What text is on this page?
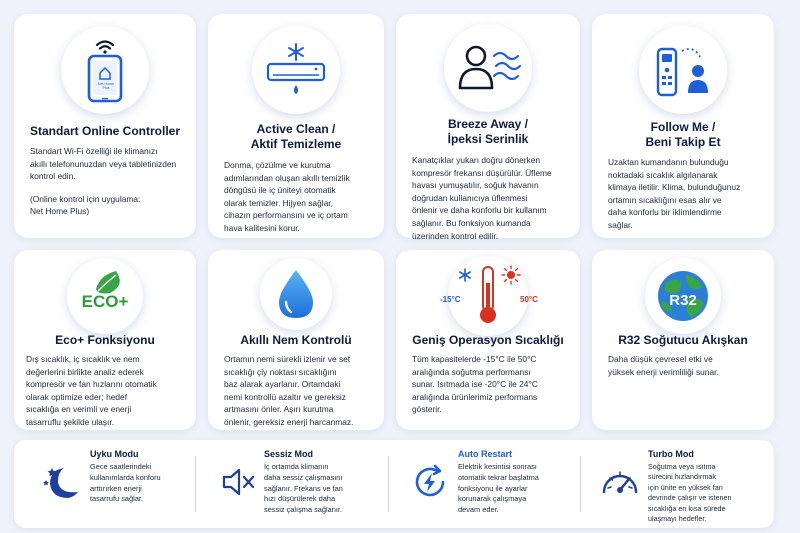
Net Home Plus
Standart Online Controller
Standart Wi-Fi özelliği ile klimanızı
akıllı telefonunuzdan veya tabletinizden
kontrol edin.
(Online kontrol için uygulama:
Net Home Plus)
Active Clean /
Aktif Temizleme
Donma, çözülme ve kurutma
adımlarından oluşan akıllı temizlik
döngüsü ile iç üniteyi otomatik
olarak temizler. Hijyen sağlar,
cihazın performansını ve iç ortam
hava kalitesini korur.
Breeze Away /
İpeksi Serinlik
Kanatçıklar yukarı doğru dönerken
kompresör frekansı düşürülür. Üfleme
havası yumuşatılır, soğuk havanın
doğrudan kullanıcıya üflenmesi
önlenir ve daha konforlu bir kullanım
sağlanır. Bu fonksiyon kumanda
üzerinden kontrol edilir.
Follow Me /
Beni Takip Et
Uzaktan kumandanın bulunduğu
noktadaki sıcaklık algılanarak
klimaya iletilir. Klima, bulunduğunuz
ortamın sıcaklığını esas alır ve
daha konforlu bir iklimlendirme
sağlar.
ECO+
Eco+ Fonksiyonu
Dış sıcaklık, iç sıcaklık ve nem
değerlerini birlikte analiz ederek
kompresör ve fan hızlarını otomatik
olarak optimize eder; hedef
sıcaklığa en verimli ve enerji
tasarruflu şekilde ulaşır.
Akıllı Nem Kontrolü
Ortamın nemi sürekli izlenir ve set
sıcaklığı çiy noktası sıcaklığını
baz alarak ayarlanır. Ortamdaki
nemi kontrollü azaltır ve gereksiz
artmasını önler. Aşırı kurutma
önlenir, gereksiz enerji harcanmaz.
-15°C	50°C
Geniş Operasyon Sıcaklığı
Tüm kapasitelerde -15°C ile 50°C
aralığında soğutma performansı
sunar. Isıtmada ise -20°C ile 24°C
aralığında ürünlerimiz performans
gösterir.
R32
R32 Soğutucu Akışkan
Daha düşük çevresel etki ve
yüksek enerji verimliliği sunar.
Uyku Modu
Gece saatlerindeki
kullanımlarda konforu
arttırırken enerji
tasarrufu sağlar.
Sessiz Mod
İç ortamda klimanın
daha sessiz çalışmasını
sağlanır. Frekans ve fan
hızı düşürülerek daha
sessiz çalışma sağlanır.
Auto Restart
Elektrik kesintisi sonrası
otomatik tekrar başlatma
fonksiyonu ile ayarlar
korunarak çalışmaya
devam eder.
Turbo Mod
Soğutma veya ısıtma
sürecini hızlandırmak
için ünite en yüksek fan
devrinde çalışır ve istenen
sıcaklığa en kısa sürede
ulaşmayı hedefler.
